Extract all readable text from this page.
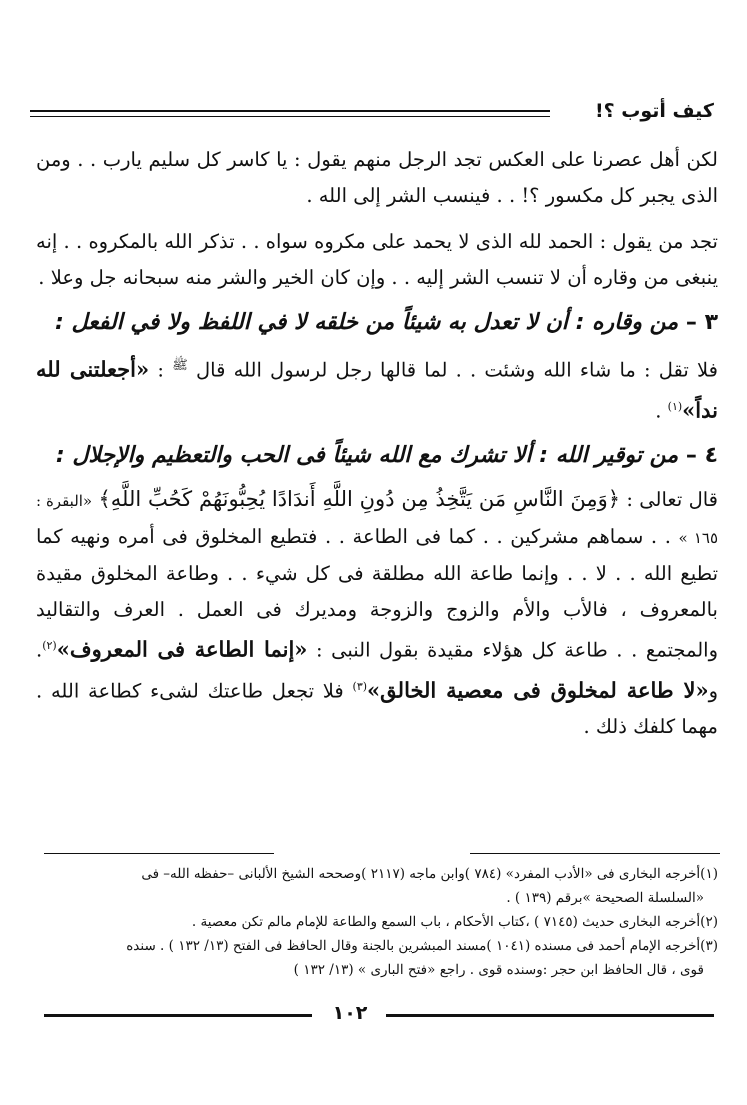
كيف أتوب ؟!

لكن أهل عصرنا على العكس تجد الرجل منهم يقول : يا كاسر كل سليم يارب . . ومن الذى يجبر كل مكسور ؟! . . فينسب الشر إلى الله .

تجد من يقول : الحمد لله الذى لا يحمد على مكروه سواه . . تذكر الله بالمكروه . . إنه ينبغى من وقاره أن لا تنسب الشر إليه . . وإن كان الخير والشر منه سبحانه جل وعلا .

٣ – من وقاره : أن لا تعدل به شيئاً من خلقه لا في اللفظ ولا في الفعل :

فلا تقل : ما شاء الله وشئت . . لما قالها رجل لرسول الله قال $^ﷺ$ : «أجعلتنى لله نداً»$^{(١)}$ .

٤ – من توقير الله : ألا تشرك مع الله شيئاً فى الحب والتعظيم والإجلال :

قال تعالى : ﴿وَمِنَ النَّاسِ مَن يَتَّخِذُ مِن دُونِ اللَّهِ أَندَادًا يُحِبُّونَهُمْ كَحُبِّ اللَّهِ﴾ «البقرة : ١٦٥ » . . سماهم مشركين . . كما فى الطاعة . . فتطيع المخلوق فى أمره ونهيه كما تطيع الله . . لا . . وإنما طاعة الله مطلقة فى كل شيء . . وطاعة المخلوق مقيدة بالمعروف ، فالأب والأم والزوج والزوجة ومديرك فى العمل . العرف والتقاليد والمجتمع . . طاعة كل هؤلاء مقيدة بقول النبى : «إنما الطاعة فى المعروف»$^{(٢)}$. و«لا طاعة لمخلوق فى معصية الخالق»$^{(٣)}$ فلا تجعل طاعتك لشىء كطاعة الله . مهما كلفك ذلك .

(١)أخرجه البخارى فى «الأدب المفرد» (٧٨٤ )وابن ماجه (٢١١٧ )وصححه الشيخ الألبانى –حفظه الله– فى

«السلسلة الصحيحة »برقم (١٣٩ ) .

(٢)أخرجه البخارى حديث (٧١٤٥ ) ،كتاب الأحكام ، باب السمع والطاعة للإمام مالم تكن معصية .

(٣)أخرجه الإمام أحمد فى مسنده (١٠٤١ )مسند المبشرين بالجنة وقال الحافظ فى الفتح (١٣/ ١٣٢ ) . سنده

قوى ، قال الحافظ ابن حجر :وسنده قوى . راجع «فتح البارى » (١٣/ ١٣٢ )

١٠٢
